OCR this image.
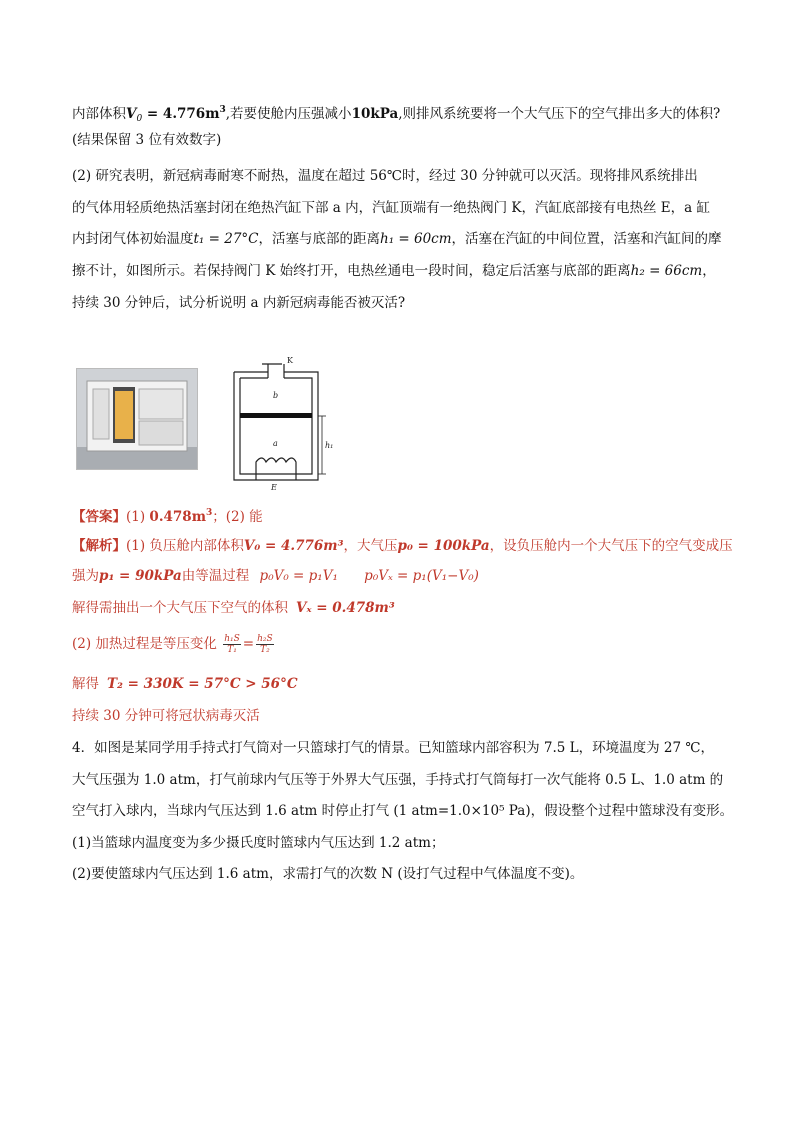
内部体积$V_0 = 4.776m^3$,若要使舱内压强减小10kPa,则排风系统要将一个大气压下的空气排出多大的体积?
(结果保留 3 位有效数字)
(2) 研究表明，新冠病毒耐寒不耐热，温度在超过 56℃时，经过 30 分钟就可以灭活。现将排风系统排出
的气体用轻质绝热活塞封闭在绝热汽缸下部 a 内，汽缸顶端有一绝热阀门 K，汽缸底部接有电热丝 E，a 缸
内封闭气体初始温度t₁ = 27°C，活塞与底部的距离h₁ = 60cm，活塞在汽缸的中间位置，活塞和汽缸间的摩
擦不计，如图所示。若保持阀门 K 始终打开，电热丝通电一段时间，稳定后活塞与底部的距离h₂ = 66cm，
持续 30 分钟后，试分析说明 a 内新冠病毒能否被灭活?
K
b
a	h₁
E
【答案】(1) $0.478m^3$；(2) 能
【解析】(1) 负压舱内部体积V₀ = 4.776m³，大气压p₀ = 100kPa，设负压舱内一个大气压下的空气变成压
强为p₁ = 90kPa由等温过程 p₀V₀ = p₁V₁ p₀Vₓ = p₁(V₁−V₀)
解得需抽出一个大气压下空气的体积 Vₓ = 0.478m³
(2) 加热过程是等压变化 $\frac{\text{h₁S}}{\text{T₁}} = \frac{\text{h₂S}}{\text{T₂}}$
解得 T₂ = 330K = 57°C > 56°C
持续 30 分钟可将冠状病毒灭活
4．如图是某同学用手持式打气筒对一只篮球打气的情景。已知篮球内部容积为 7.5 L，环境温度为 27 ℃，
大气压强为 1.0 atm，打气前球内气压等于外界大气压强，手持式打气筒每打一次气能将 0.5 L、1.0 atm 的
空气打入球内，当球内气压达到 1.6 atm 时停止打气 (1 atm=1.0×10⁵ Pa)，假设整个过程中篮球没有变形。
(1)当篮球内温度变为多少摄氏度时篮球内气压达到 1.2 atm；
(2)要使篮球内气压达到 1.6 atm，求需打气的次数 N (设打气过程中气体温度不变)。
